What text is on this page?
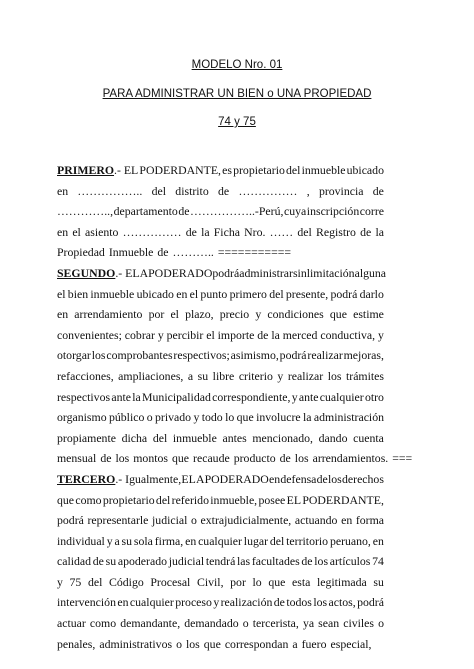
MODELO Nro. 01
PARA ADMINISTRAR UN BIEN o UNA PROPIEDAD
74 y 75
PRIMERO.- EL PODERDANTE, es propietario del inmueble ubicado
en …………….. del distrito de …………… , provincia de
………….., departamento de ……………..-Perú, cuya inscripción corre
en el asiento …………… de la Ficha Nro. …… del Registro de la
Propiedad Inmueble de ……….. ===========
SEGUNDO.- EL APODERADO podrá administrar sin limitación alguna
el bien inmueble ubicado en el punto primero del presente, podrá darlo
en arrendamiento por el plazo, precio y condiciones que estime
convenientes; cobrar y percibir el importe de la merced conductiva, y
otorgar los comprobantes respectivos; asimismo, podrá realizar mejoras,
refacciones, ampliaciones, a su libre criterio y realizar los trámites
respectivos ante la Municipalidad correspondiente, y ante cualquier otro
organismo público o privado y todo lo que involucre la administración
propiamente dicha del inmueble antes mencionado, dando cuenta
mensual de los montos que recaude producto de los arrendamientos. ===
TERCERO.- Igualmente, EL APODERADO en defensa de los derechos
que como propietario del referido inmueble, posee EL PODERDANTE,
podrá representarle judicial o extrajudicialmente, actuando en forma
individual y a su sola firma, en cualquier lugar del territorio peruano, en
calidad de su apoderado judicial tendrá las facultades de los artículos 74
y 75 del Código Procesal Civil, por lo que esta legitimada su
intervención en cualquier proceso y realización de todos los actos, podrá
actuar como demandante, demandado o tercerista, ya sean civiles o
penales, administrativos o los que correspondan a fuero especial,
